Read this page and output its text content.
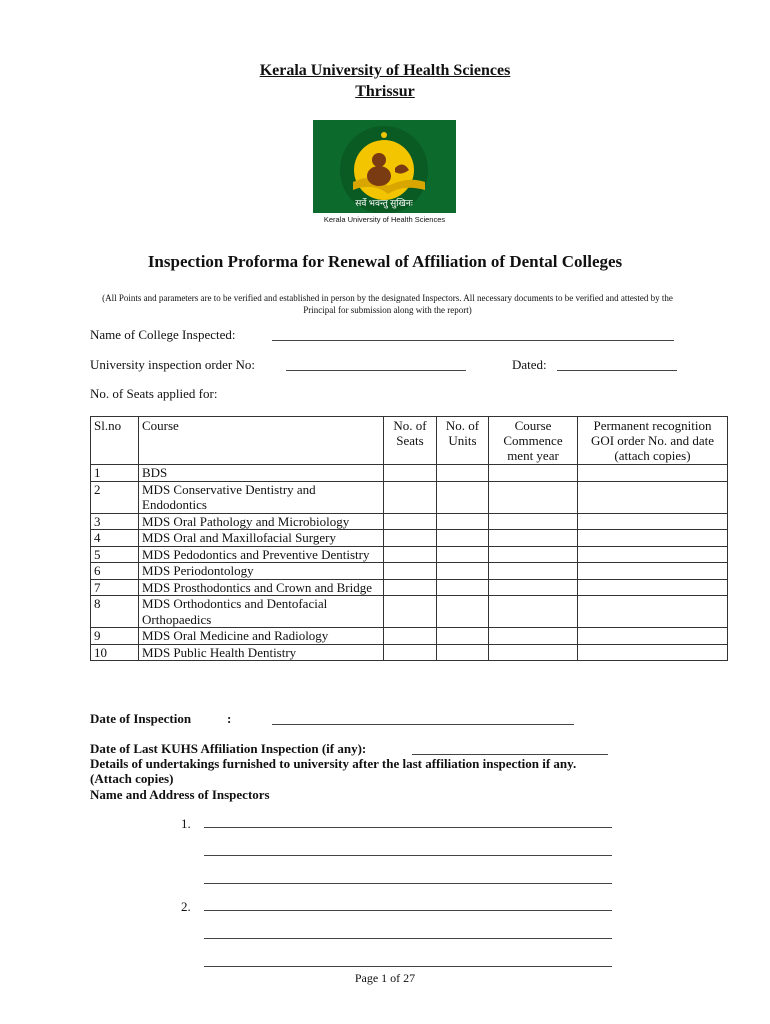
Kerala University of Health Sciences
Thrissur
सर्वे भवन्तु सुखिनः
Kerala University of Health Sciences
Inspection Proforma for Renewal of Affiliation of Dental Colleges
(All Points and parameters are to be verified and established in person by the designated Inspectors. All necessary documents to be verified and attested by the Principal for submission along with the report)
Name of College Inspected:
University inspection order No:	Dated:
No. of Seats applied for:
Sl.no	Course	No. of Seats	No. of Units	Course Commence ment year	Permanent recognition GOI order No. and date (attach copies)
1	BDS				
2	MDS Conservative Dentistry and Endodontics				
3	MDS Oral Pathology and Microbiology				
4	MDS Oral and Maxillofacial Surgery				
5	MDS Pedodontics and Preventive Dentistry				
6	MDS Periodontology				
7	MDS Prosthodontics and Crown and Bridge				
8	MDS Orthodontics and Dentofacial Orthopaedics				
9	MDS Oral Medicine and Radiology				
10	MDS Public Health Dentistry				
Date of Inspection	:
Date of Last KUHS Affiliation Inspection (if any):
Details of undertakings furnished to university after the last affiliation inspection if any.
(Attach copies)
Name and Address of Inspectors
1.
2.
Page 1 of 27
